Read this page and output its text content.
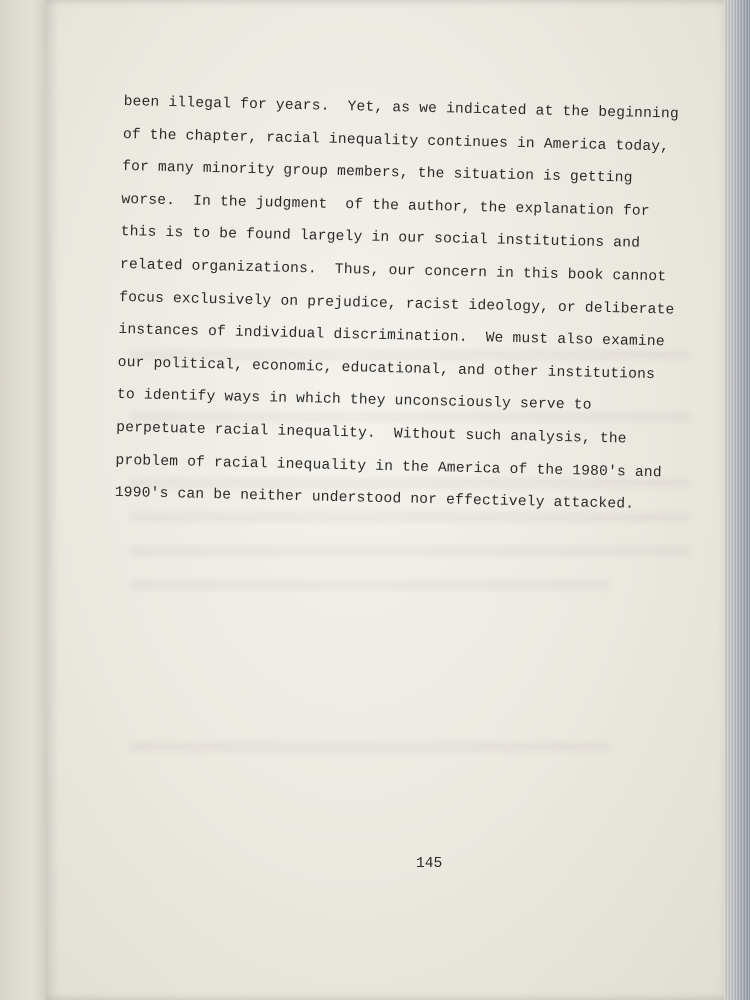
been illegal for years.  Yet, as we indicated at the beginning
of the chapter, racial inequality continues in America today,
for many minority group members, the situation is getting
worse.  In the judgment  of the author, the explanation for
this is to be found largely in our social institutions and
related organizations.  Thus, our concern in this book cannot
focus exclusively on prejudice, racist ideology, or deliberate
instances of individual discrimination.  We must also examine
our political, economic, educational, and other institutions
to identify ways in which they unconsciously serve to
perpetuate racial inequality.  Without such analysis, the
problem of racial inequality in the America of the 1980's and
1990's can be neither understood nor effectively attacked.
145
